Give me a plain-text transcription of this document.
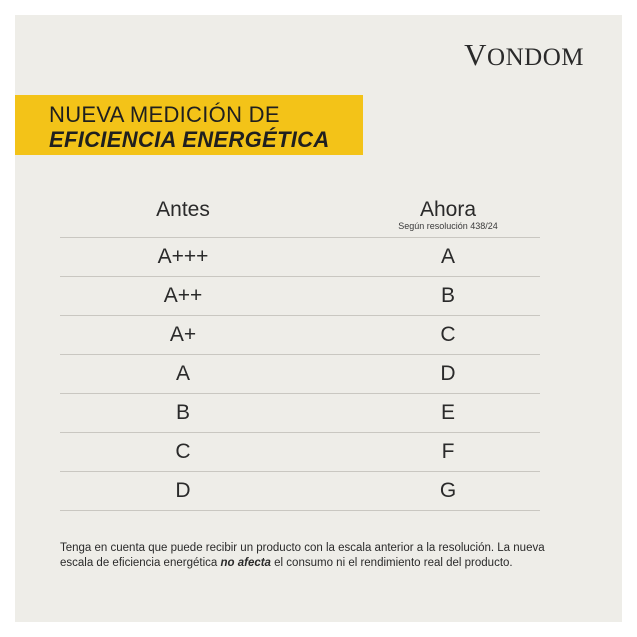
VONDOM
NUEVA MEDICIÓN DE
EFICIENCIA ENERGÉTICA
Antes	Ahora
Según resolución 438/24
A+++	A
A++	B
A+	C
A	D
B	E
C	F
D	G
Tenga en cuenta que puede recibir un producto con la escala anterior a la resolución. La nueva escala de eficiencia energética no afecta el consumo ni el rendimiento real del producto.
